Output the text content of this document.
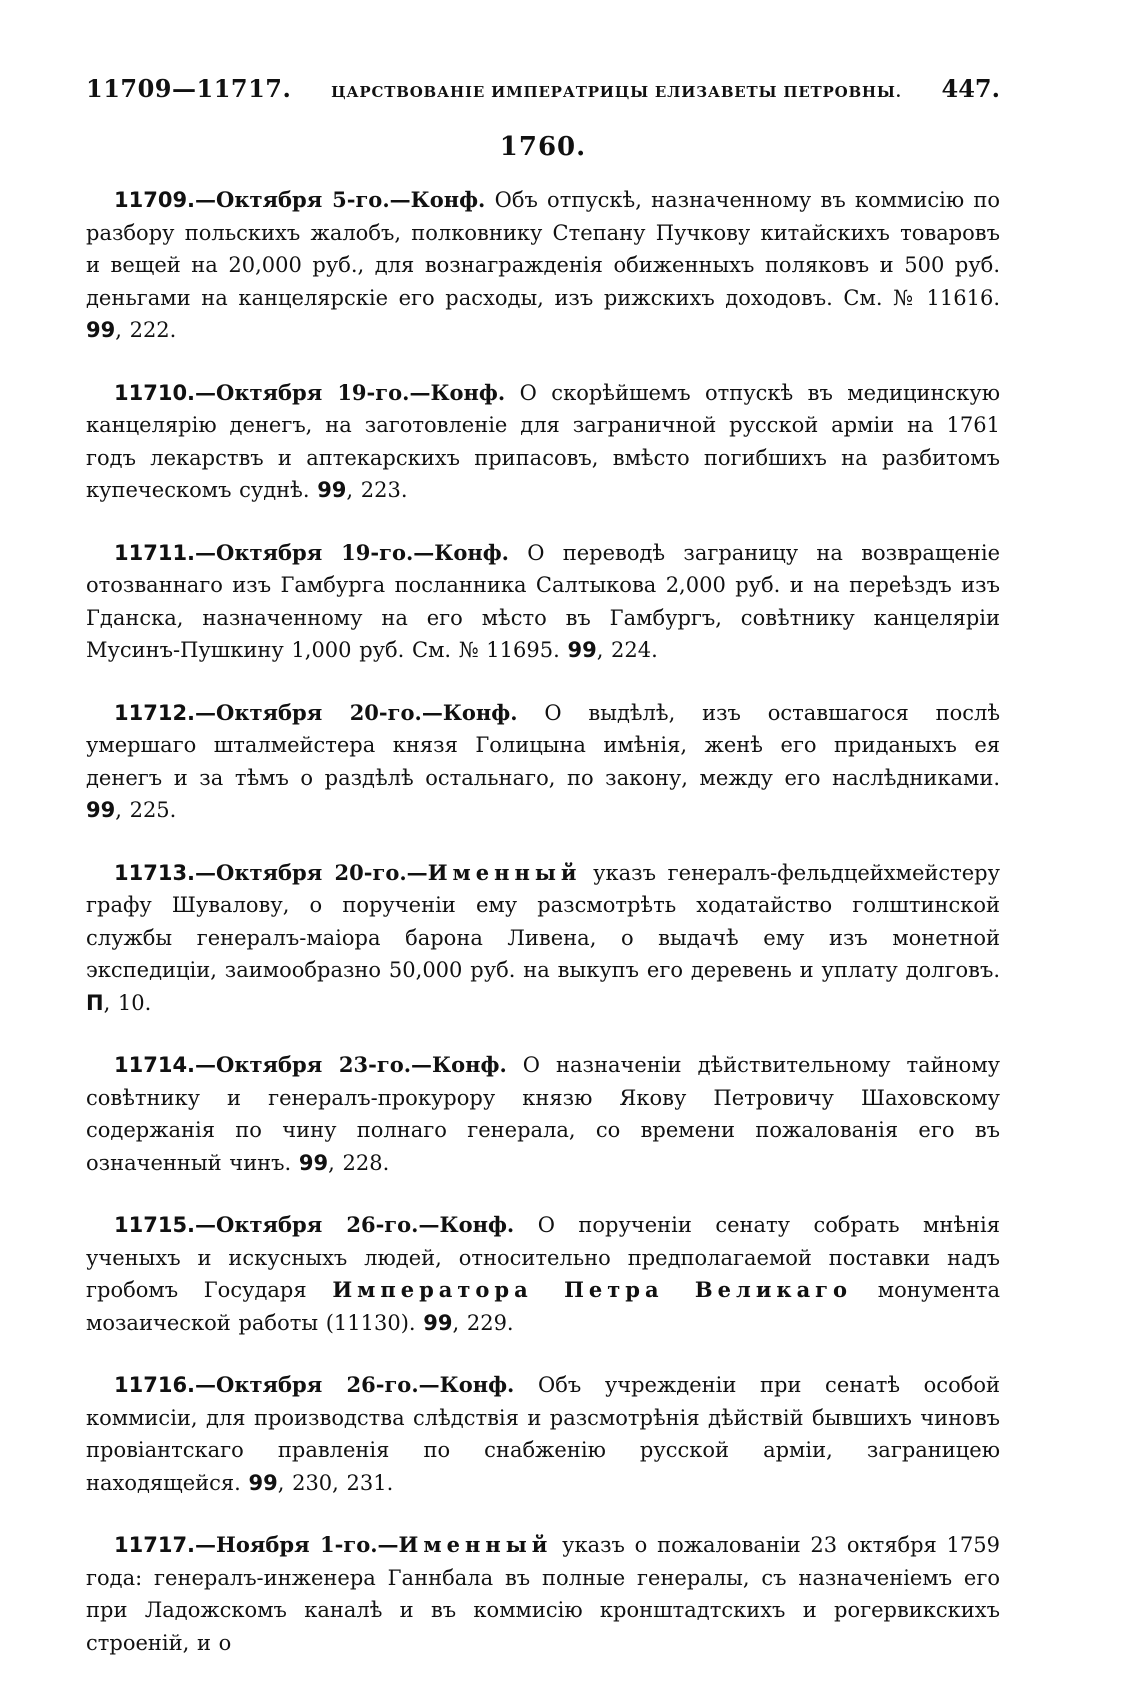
11709—11717.	ЦАРСТВОВАНІЕ ИМПЕРАТРИЦЫ ЕЛИЗАВЕТЫ ПЕТРОВНЫ. 447.
1760.

11709.—Октября 5-го.—Конф. Объ отпускѣ, назначенному въ коммисію по разбору польскихъ жалобъ, полковнику Степану Пучкову китайскихъ товаровъ и вещей на 20,000 руб., для вознагражденія обиженныхъ поляковъ и 500 руб. деньгами на канцелярскіе его расходы, изъ рижскихъ доходовъ. См. № 11616. 99, 222.

11710.—Октября 19-го.—Конф. О скорѣйшемъ отпускѣ въ медицинскую канцелярію денегъ, на заготовленіе для заграничной русской арміи на 1761 годъ лекарствъ и аптекарскихъ припасовъ, вмѣсто погибшихъ на разбитомъ купеческомъ суднѣ. 99, 223.

11711.—Октября 19-го.—Конф. О переводѣ заграницу на возвращеніе отозваннаго изъ Гамбурга посланника Салтыкова 2,000 руб. и на переѣздъ изъ Гданска, назначенному на его мѣсто въ Гамбургъ, совѣтнику канцеляріи Мусинъ-Пушкину 1,000 руб. См. № 11695. 99, 224.

11712.—Октября 20-го.—Конф. О выдѣлѣ, изъ оставшагося послѣ умершаго шталмейстера князя Голицына имѣнія, женѣ его приданыхъ ея денегъ и за тѣмъ о раздѣлѣ остальнаго, по закону, между его наслѣдниками. 99, 225.

11713.—Октября 20-го.—Именный указъ генералъ-фельдцейхмейстеру графу Шувалову, о порученіи ему разсмотрѣть ходатайство голштинской службы генералъ-маіора барона Ливена, о выдачѣ ему изъ монетной экспедиціи, заимообразно 50,000 руб. на выкупъ его деревень и уплату долговъ. П, 10.

11714.—Октября 23-го.—Конф. О назначеніи дѣйствительному тайному совѣтнику и генералъ-прокурору князю Якову Петровичу Шаховскому содержанія по чину полнаго генерала, со времени пожалованія его въ означенный чинъ. 99, 228.

11715.—Октября 26-го.—Конф. О порученіи сенату собрать мнѣнія ученыхъ и искусныхъ людей, относительно предполагаемой поставки надъ гробомъ Государя Императора Петра Великаго монумента мозаической работы (11130). 99, 229.

11716.—Октября 26-го.—Конф. Объ учрежденіи при сенатѣ особой коммисіи, для производства слѣдствія и разсмотрѣнія дѣйствій бывшихъ чиновъ провіантскаго правленія по снабженію русской арміи, заграницею находящейся. 99, 230, 231.

11717.—Ноября 1-го.—Именный указъ о пожалованіи 23 октября 1759 года: генералъ-инженера Ганнбала въ полные генералы, съ назначеніемъ его при Ладожскомъ каналѣ и въ коммисію кронштадтскихъ и рогервикскихъ строеній, и о
